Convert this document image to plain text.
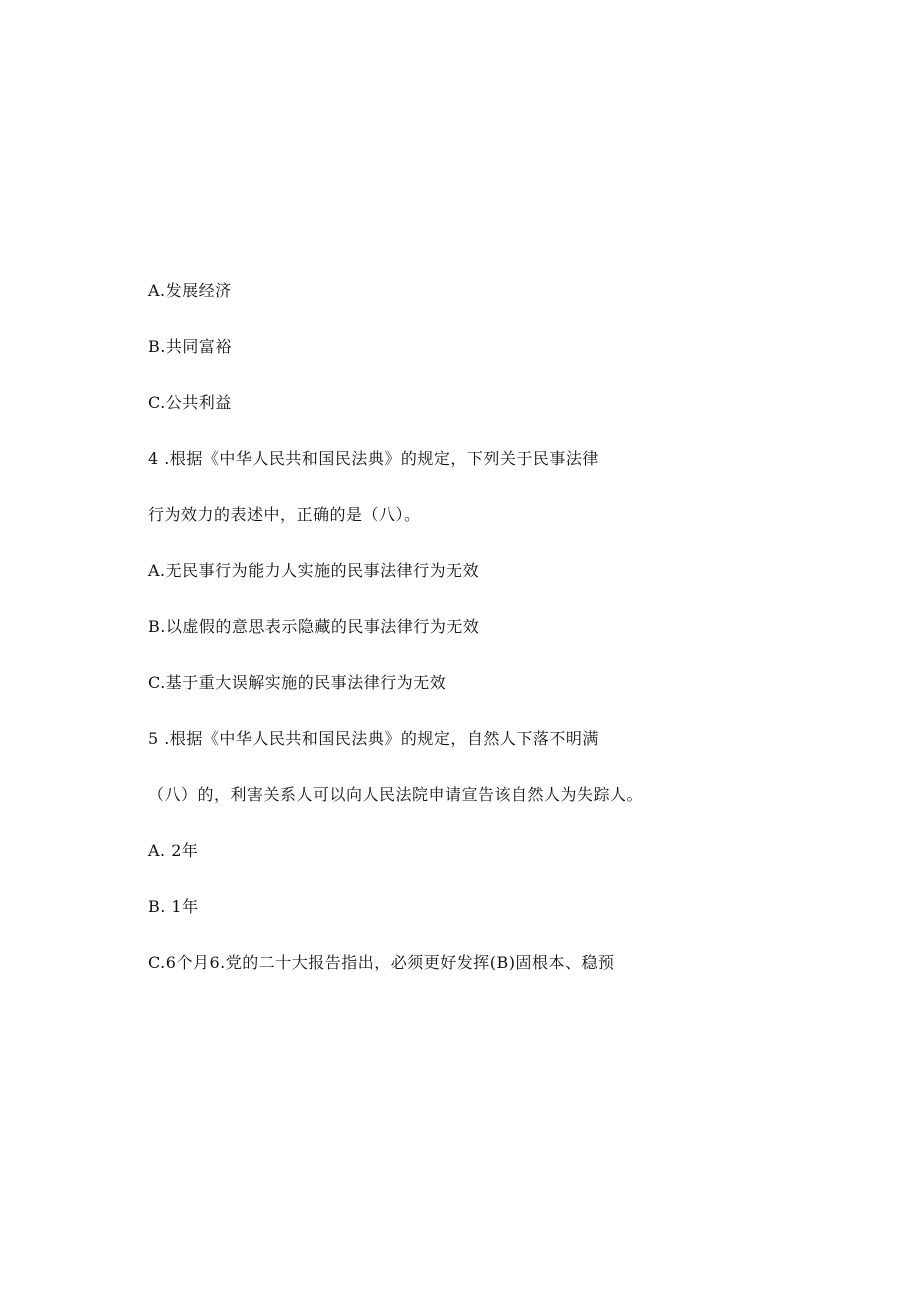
A.发展经济
B.共同富裕
C.公共利益
4 .根据《中华人民共和国民法典》的规定，下列关于民事法律
行为效力的表述中，正确的是（八）。
A.无民事行为能力人实施的民事法律行为无效
B.以虚假的意思表示隐藏的民事法律行为无效
C.基于重大误解实施的民事法律行为无效
5 .根据《中华人民共和国民法典》的规定，自然人下落不明满
（八）的，利害关系人可以向人民法院申请宣告该自然人为失踪人。
A. 2年
B. 1年
C.6个月6.党的二十大报告指出，必须更好发挥(B)固根本、稳预
